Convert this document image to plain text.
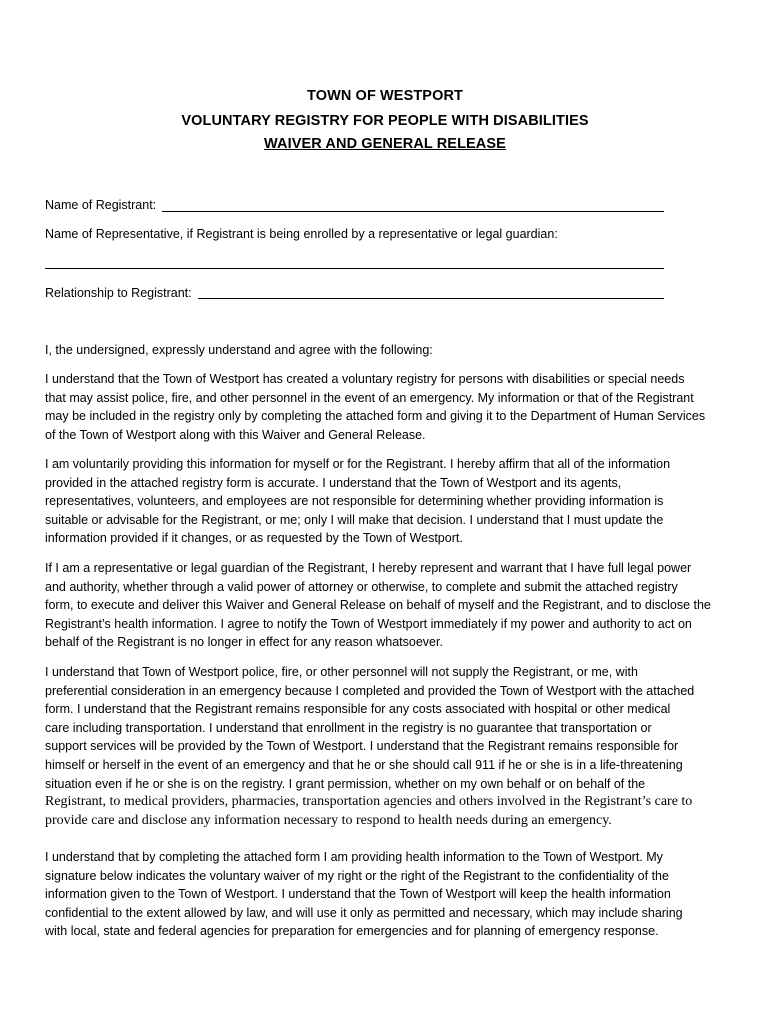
TOWN OF WESTPORT
VOLUNTARY REGISTRY FOR PEOPLE WITH DISABILITIES
WAIVER AND GENERAL RELEASE
Name of Registrant:
Name of Representative, if Registrant is being enrolled by a representative or legal guardian:
Relationship to Registrant:
I, the undersigned, expressly understand and agree with the following:
I understand that the Town of Westport has created a voluntary registry for persons with disabilities or special needs
that may assist police, fire, and other personnel in the event of an emergency. My information or that of the Registrant
may be included in the registry only by completing the attached form and giving it to the Department of Human Services
of the Town of Westport along with this Waiver and General Release.
I am voluntarily providing this information for myself or for the Registrant. I hereby affirm that all of the information
provided in the attached registry form is accurate. I understand that the Town of Westport and its agents,
representatives, volunteers, and employees are not responsible for determining whether providing information is
suitable or advisable for the Registrant, or me; only I will make that decision. I understand that I must update the
information provided if it changes, or as requested by the Town of Westport.
If I am a representative or legal guardian of the Registrant, I hereby represent and warrant that I have full legal power
and authority, whether through a valid power of attorney or otherwise, to complete and submit the attached registry
form, to execute and deliver this Waiver and General Release on behalf of myself and the Registrant, and to disclose the
Registrant’s health information. I agree to notify the Town of Westport immediately if my power and authority to act on
behalf of the Registrant is no longer in effect for any reason whatsoever.
I understand that Town of Westport police, fire, or other personnel will not supply the Registrant, or me, with
preferential consideration in an emergency because I completed and provided the Town of Westport with the attached
form. I understand that the Registrant remains responsible for any costs associated with hospital or other medical
care including transportation. I understand that enrollment in the registry is no guarantee that transportation or
support services will be provided by the Town of Westport. I understand that the Registrant remains responsible for
himself or herself in the event of an emergency and that he or she should call 911 if he or she is in a life-threatening
situation even if he or she is on the registry. I grant permission, whether on my own behalf or on behalf of the
Registrant, to medical providers, pharmacies, transportation agencies and others involved in the Registrant’s care to
provide care and disclose any information necessary to respond to health needs during an emergency.
I understand that by completing the attached form I am providing health information to the Town of Westport. My
signature below indicates the voluntary waiver of my right or the right of the Registrant to the confidentiality of the
information given to the Town of Westport. I understand that the Town of Westport will keep the health information
confidential to the extent allowed by law, and will use it only as permitted and necessary, which may include sharing
with local, state and federal agencies for preparation for emergencies and for planning of emergency response.
